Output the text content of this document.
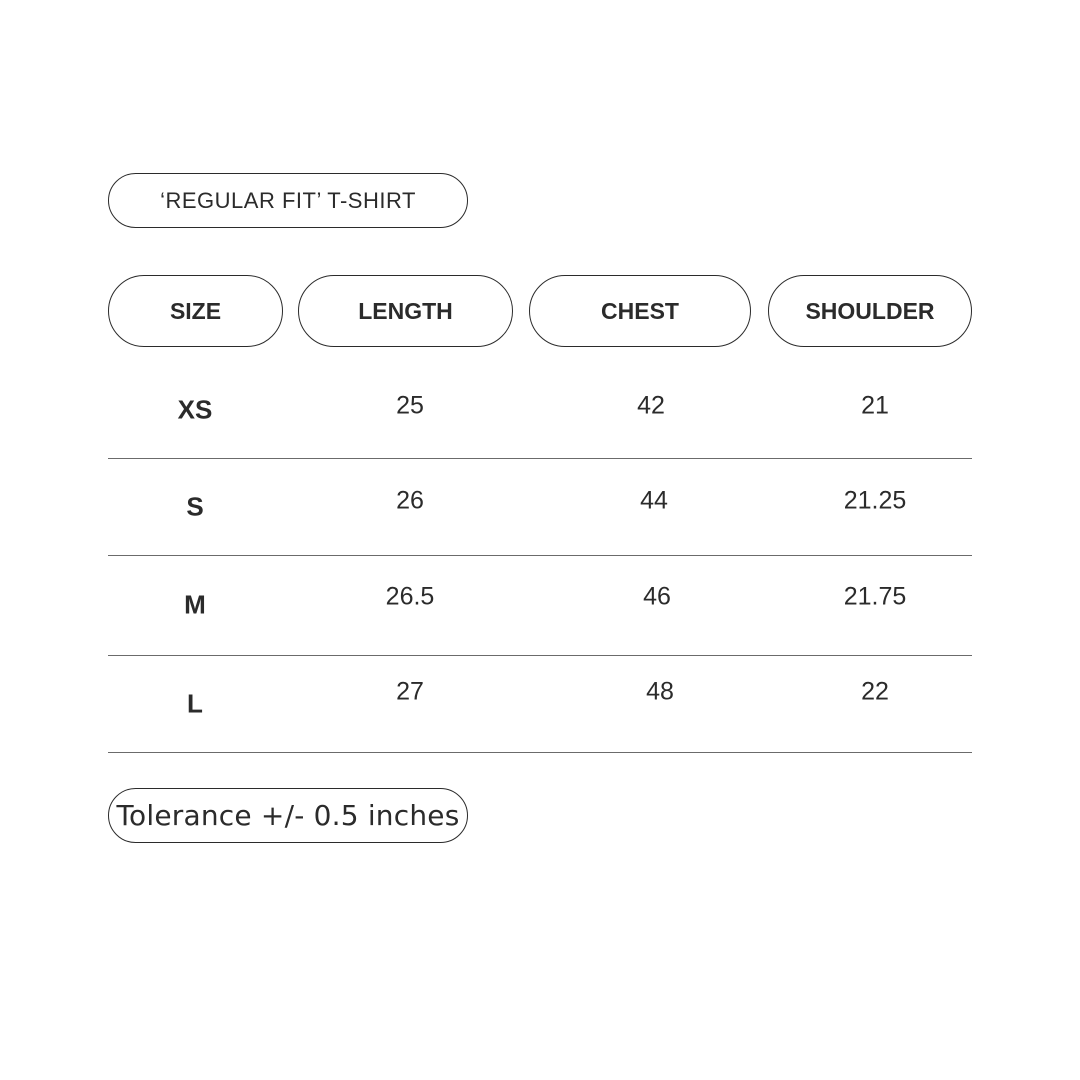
‘REGULAR FIT’ T-SHIRT
SIZE	LENGTH	CHEST	SHOULDER
XS	25	42	21
S	26	44	21.25
M	26.5	46	21.75
L	27	48	22
Tolerance +/- 0.5 inches
